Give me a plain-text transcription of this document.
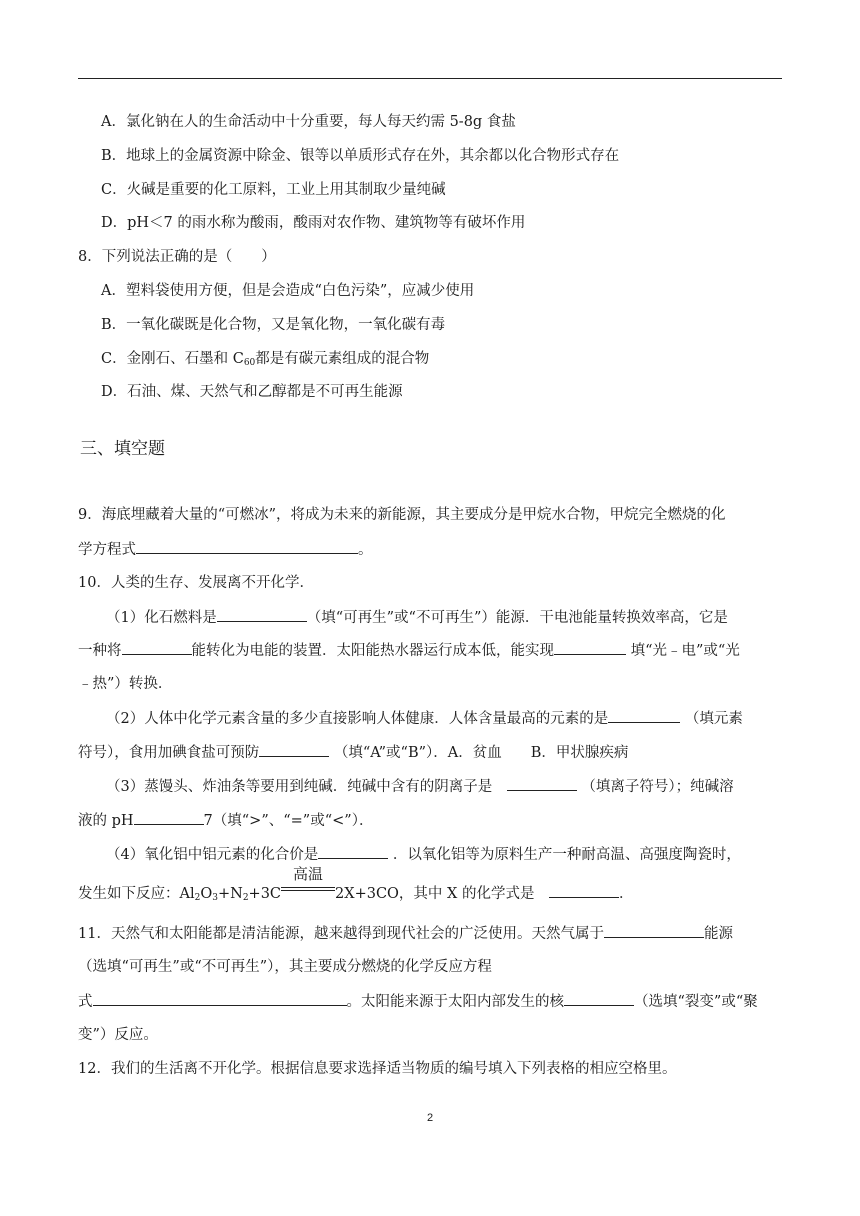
A．氯化钠在人的生命活动中十分重要，每人每天约需 5-8g 食盐
B．地球上的金属资源中除金、银等以单质形式存在外，其余都以化合物形式存在
C．火碱是重要的化工原料，工业上用其制取少量纯碱
D．pH＜7 的雨水称为酸雨，酸雨对农作物、建筑物等有破坏作用
8．下列说法正确的是（　　）
A．塑料袋使用方便，但是会造成“白色污染”，应减少使用
B．一氧化碳既是化合物，又是氧化物，一氧化碳有毒
C．金刚石、石墨和 $C_{60}$都是有碳元素组成的混合物
D．石油、煤、天然气和乙醇都是不可再生能源
三、填空题
9．海底埋藏着大量的“可燃冰”，将成为未来的新能源，其主要成分是甲烷水合物，甲烷完全燃烧的化
学方程式	。
10．人类的生存、发展离不开化学．
（1）化石燃料是	（填“可再生”或“不可再生”）能源．干电池能量转换效率高，它是
一种将	能转化为电能的装置．太阳能热水器运行成本低，能实现	填“光﹣电”或“光
﹣热”）转换．
（2）人体中化学元素含量的多少直接影响人体健康．人体含量最高的元素的是	（填元素
符号），食用加碘食盐可预防	（填“A”或“B”）．A．贫血　　B．甲状腺疾病
（3）蒸馒头、炸油条等要用到纯碱．纯碱中含有的阴离子是　	（填离子符号）；纯碱溶
液的 pH	7（填“>”、“=”或“<”）．
（4）氧化铝中铝元素的化合价是	．以氧化铝等为原料生产一种耐高温、高强度陶瓷时，
发生如下反应：$Al_2O_3+N_2+3C$
高温
2X+3CO，其中 X 的化学式是　	．
11．天然气和太阳能都是清洁能源，越来越得到现代社会的广泛使用。天然气属于	能源
（选填“可再生”或“不可再生”），其主要成分燃烧的化学反应方程
式	。太阳能来源于太阳内部发生的核	（选填“裂变”或“聚
变”）反应。
12．我们的生活离不开化学。根据信息要求选择适当物质的编号填入下列表格的相应空格里。
2
